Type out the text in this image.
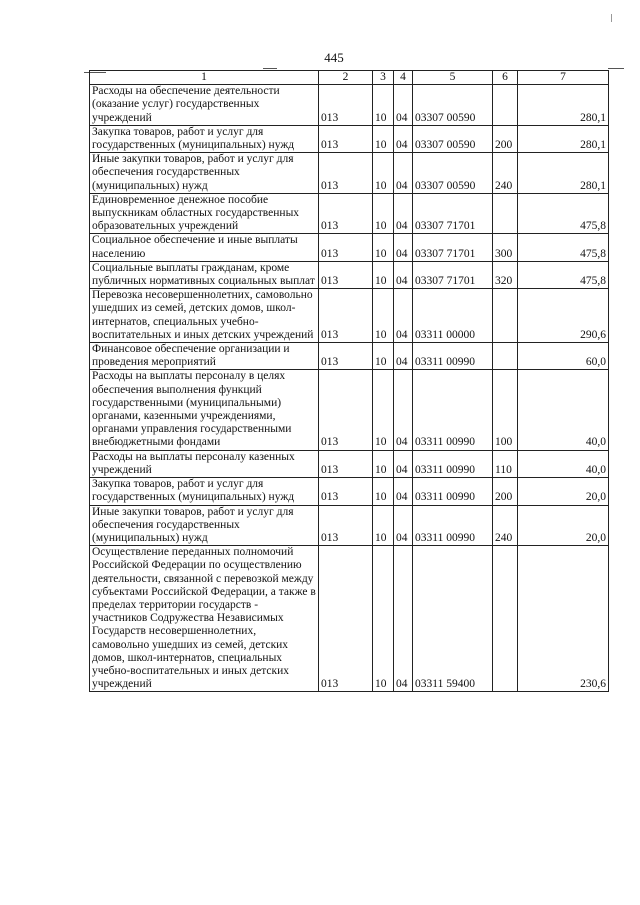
445
1	2	3	4	5	6	7
Расходы на обеспечение деятельности (оказание услуг) государственных учреждений	013	10	04	03307 00590		280,1
Закупка товаров, работ и услуг для государственных (муниципальных) нужд	013	10	04	03307 00590	200	280,1
Иные закупки товаров, работ и услуг для обеспечения государственных (муниципальных) нужд	013	10	04	03307 00590	240	280,1
Единовременное денежное пособие выпускникам областных государственных образовательных учреждений	013	10	04	03307 71701		475,8
Социальное обеспечение и иные выплаты населению	013	10	04	03307 71701	300	475,8
Социальные выплаты гражданам, кроме публичных нормативных социальных выплат	013	10	04	03307 71701	320	475,8
Перевозка несовершеннолетних, самовольно ушедших из семей, детских домов, школ-интернатов, специальных учебно-воспитательных и иных детских учреждений	013	10	04	03311 00000		290,6
Финансовое обеспечение организации и проведения мероприятий	013	10	04	03311 00990		60,0
Расходы на выплаты персоналу в целях обеспечения выполнения функций государственными (муниципальными) органами, казенными учреждениями, органами управления государственными внебюджетными фондами	013	10	04	03311 00990	100	40,0
Расходы на выплаты персоналу казенных учреждений	013	10	04	03311 00990	110	40,0
Закупка товаров, работ и услуг для государственных (муниципальных) нужд	013	10	04	03311 00990	200	20,0
Иные закупки товаров, работ и услуг для обеспечения государственных (муниципальных) нужд	013	10	04	03311 00990	240	20,0
Осуществление переданных полномочий Российской Федерации по осуществлению деятельности, связанной с перевозкой между субъектами Российской Федерации, а также в пределах территории государств - участников Содружества Независимых Государств несовершеннолетних, самовольно ушедших из семей, детских домов, школ-интернатов, специальных учебно-воспитательных и иных детских учреждений	013	10	04	03311 59400		230,6
